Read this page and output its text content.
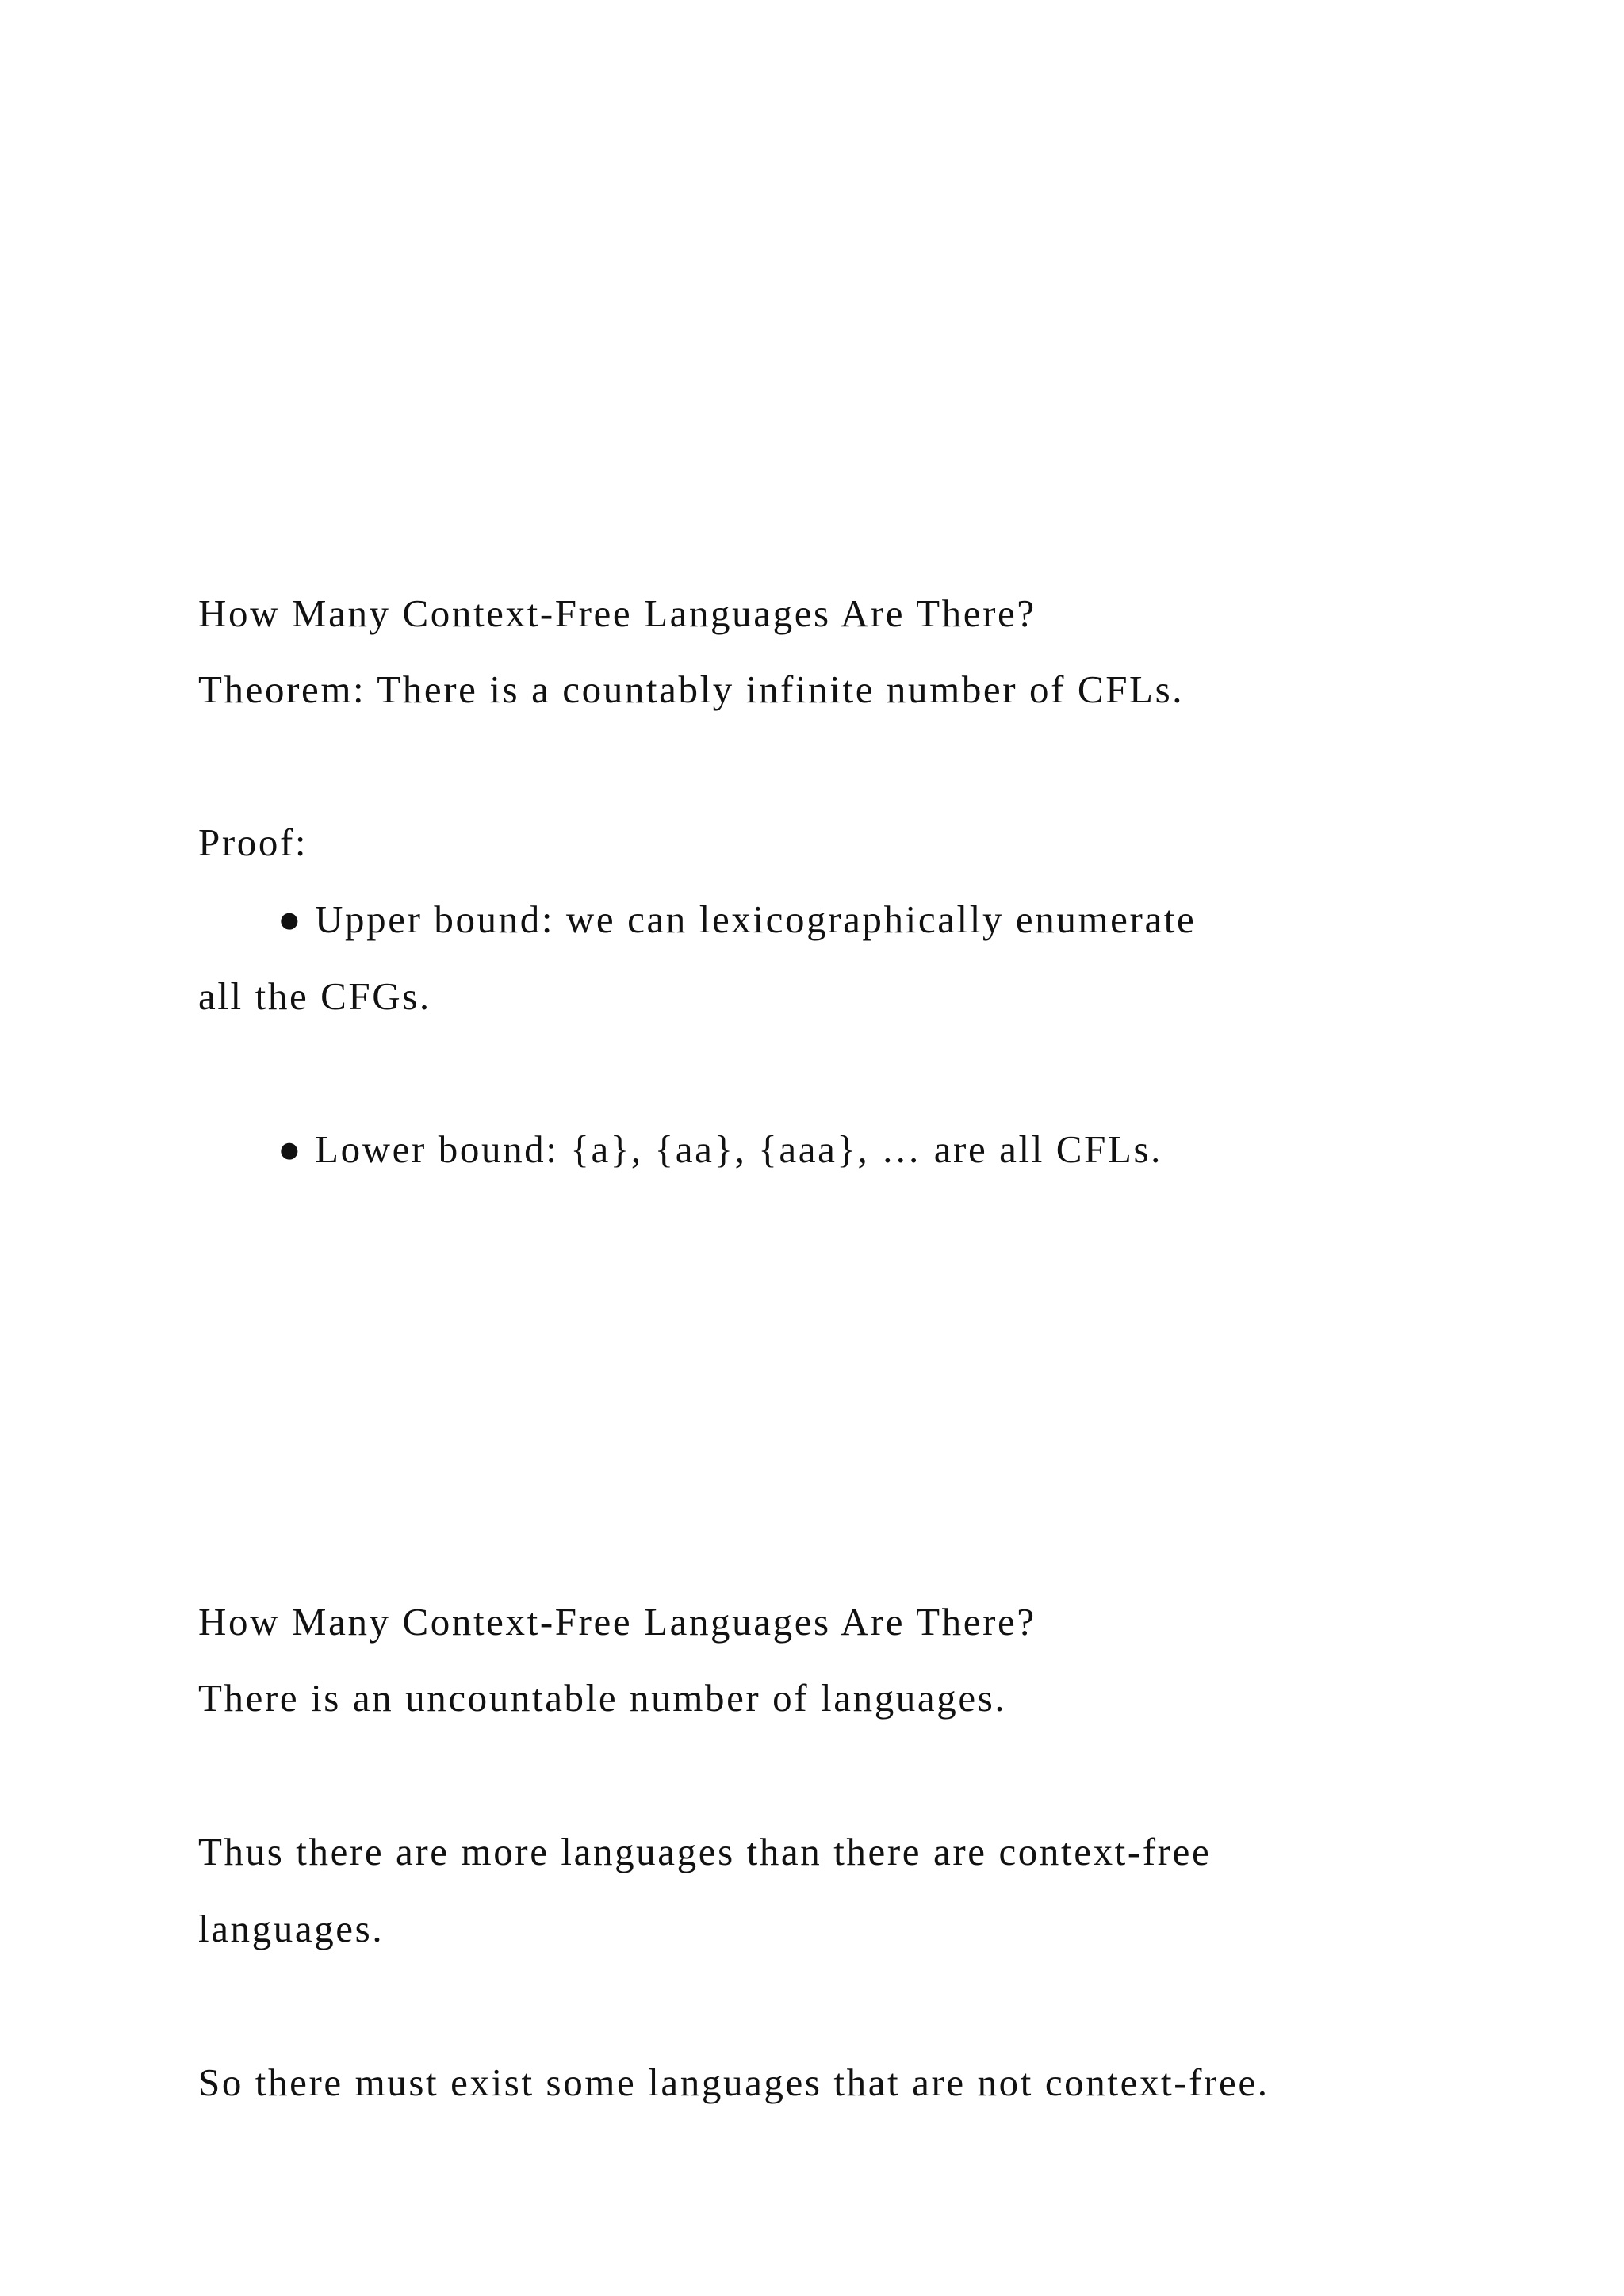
How Many Context-Free Languages Are There?
Theorem: There is a countably infinite number of CFLs.
Proof:
● Upper bound: we can lexicographically enumerate
all the CFGs.
● Lower bound: {a}, {aa}, {aaa}, … are all CFLs.
How Many Context-Free Languages Are There?
There is an uncountable number of languages.
Thus there are more languages than there are context-free
languages.
So there must exist some languages that are not context-free.
